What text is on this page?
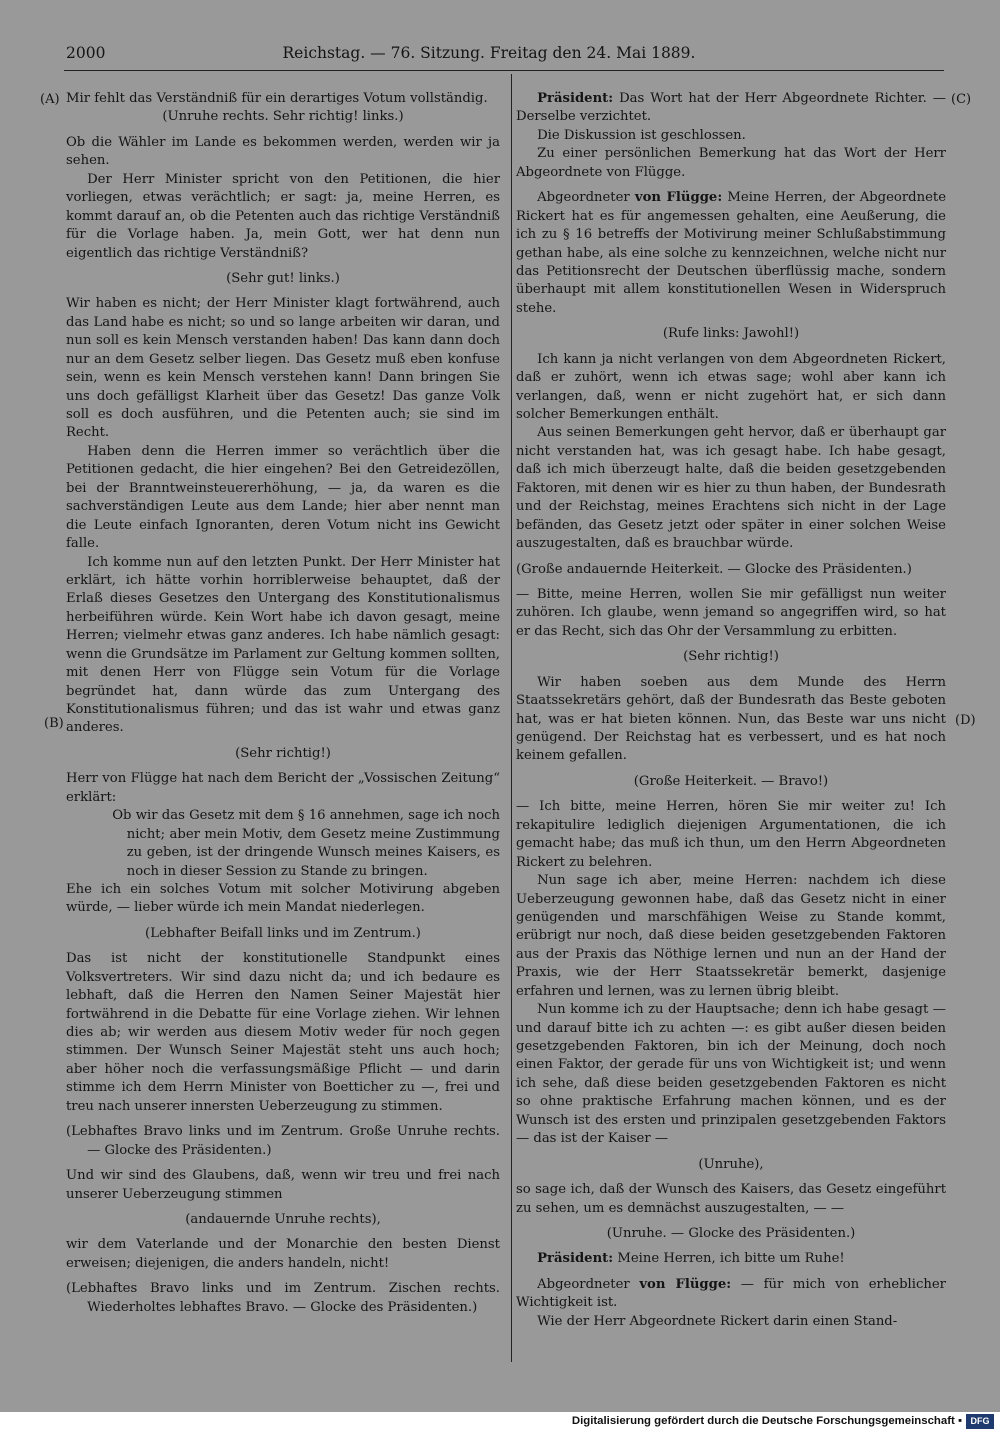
2000	Reichstag. — 76. Sitzung. Freitag den 24. Mai 1889.
(A)
(B)
(C)
(D)

Mir fehlt das Verständniß für ein derartiges Votum vollständig.

(Unruhe rechts. Sehr richtig! links.)

Ob die Wähler im Lande es bekommen werden, werden wir ja sehen.

Der Herr Minister spricht von den Petitionen, die hier vorliegen, etwas verächtlich; er sagt: ja, meine Herren, es kommt darauf an, ob die Petenten auch das richtige Verständniß für die Vorlage haben. Ja, mein Gott, wer hat denn nun eigentlich das richtige Verständniß?

(Sehr gut! links.)

Wir haben es nicht; der Herr Minister klagt fortwährend, auch das Land habe es nicht; so und so lange arbeiten wir daran, und nun soll es kein Mensch verstanden haben! Das kann dann doch nur an dem Gesetz selber liegen. Das Gesetz muß eben konfuse sein, wenn es kein Mensch verstehen kann! Dann bringen Sie uns doch gefälligst Klarheit über das Gesetz! Das ganze Volk soll es doch ausführen, und die Petenten auch; sie sind im Recht.

Haben denn die Herren immer so verächtlich über die Petitionen gedacht, die hier eingehen? Bei den Getreidezöllen, bei der Branntweinsteuererhöhung, — ja, da waren es die sachverständigen Leute aus dem Lande; hier aber nennt man die Leute einfach Ignoranten, deren Votum nicht ins Gewicht falle.

Ich komme nun auf den letzten Punkt. Der Herr Minister hat erklärt, ich hätte vorhin horriblerweise behauptet, daß der Erlaß dieses Gesetzes den Untergang des Konstitutionalismus herbeiführen würde. Kein Wort habe ich davon gesagt, meine Herren; vielmehr etwas ganz anderes. Ich habe nämlich gesagt: wenn die Grundsätze im Parlament zur Geltung kommen sollten, mit denen Herr von Flügge sein Votum für die Vorlage begründet hat, dann würde das zum Untergang des Konstitutionalismus führen; und das ist wahr und etwas ganz anderes.

(Sehr richtig!)

Herr von Flügge hat nach dem Bericht der „Vossischen Zeitung“ erklärt:

Ob wir das Gesetz mit dem § 16 annehmen, sage ich noch nicht; aber mein Motiv, dem Gesetz meine Zustimmung zu geben, ist der dringende Wunsch meines Kaisers, es noch in dieser Session zu Stande zu bringen.

Ehe ich ein solches Votum mit solcher Motivirung abgeben würde, — lieber würde ich mein Mandat niederlegen.

(Lebhafter Beifall links und im Zentrum.)

Das ist nicht der konstitutionelle Standpunkt eines Volksvertreters. Wir sind dazu nicht da; und ich bedaure es lebhaft, daß die Herren den Namen Seiner Majestät hier fortwährend in die Debatte für eine Vorlage ziehen. Wir lehnen dies ab; wir werden aus diesem Motiv weder für noch gegen stimmen. Der Wunsch Seiner Majestät steht uns auch hoch; aber höher noch die verfassungsmäßige Pflicht — und darin stimme ich dem Herrn Minister von Boetticher zu —, frei und treu nach unserer innersten Ueberzeugung zu stimmen.

(Lebhaftes Bravo links und im Zentrum. Große Unruhe rechts. — Glocke des Präsidenten.)

Und wir sind des Glaubens, daß, wenn wir treu und frei nach unserer Ueberzeugung stimmen

(andauernde Unruhe rechts),

wir dem Vaterlande und der Monarchie den besten Dienst erweisen; diejenigen, die anders handeln, nicht!

(Lebhaftes Bravo links und im Zentrum. Zischen rechts. Wiederholtes lebhaftes Bravo. — Glocke des Präsidenten.)

Präsident: Das Wort hat der Herr Abgeordnete Richter. — Derselbe verzichtet.

Die Diskussion ist geschlossen.

Zu einer persönlichen Bemerkung hat das Wort der Herr Abgeordnete von Flügge.

Abgeordneter von Flügge: Meine Herren, der Abgeordnete Rickert hat es für angemessen gehalten, eine Aeußerung, die ich zu § 16 betreffs der Motivirung meiner Schlußabstimmung gethan habe, als eine solche zu kennzeichnen, welche nicht nur das Petitionsrecht der Deutschen überflüssig mache, sondern überhaupt mit allem konstitutionellen Wesen in Widerspruch stehe.

(Rufe links: Jawohl!)

Ich kann ja nicht verlangen von dem Abgeordneten Rickert, daß er zuhört, wenn ich etwas sage; wohl aber kann ich verlangen, daß, wenn er nicht zugehört hat, er sich dann solcher Bemerkungen enthält.

Aus seinen Bemerkungen geht hervor, daß er überhaupt gar nicht verstanden hat, was ich gesagt habe. Ich habe gesagt, daß ich mich überzeugt halte, daß die beiden gesetzgebenden Faktoren, mit denen wir es hier zu thun haben, der Bundesrath und der Reichstag, meines Erachtens sich nicht in der Lage befänden, das Gesetz jetzt oder später in einer solchen Weise auszugestalten, daß es brauchbar würde.

(Große andauernde Heiterkeit. — Glocke des Präsidenten.)

— Bitte, meine Herren, wollen Sie mir gefälligst nun weiter zuhören. Ich glaube, wenn jemand so angegriffen wird, so hat er das Recht, sich das Ohr der Versammlung zu erbitten.

(Sehr richtig!)

Wir haben soeben aus dem Munde des Herrn Staatssekretärs gehört, daß der Bundesrath das Beste geboten hat, was er hat bieten können. Nun, das Beste war uns nicht genügend. Der Reichstag hat es verbessert, und es hat noch keinem gefallen.

(Große Heiterkeit. — Bravo!)

— Ich bitte, meine Herren, hören Sie mir weiter zu! Ich rekapitulire lediglich diejenigen Argumentationen, die ich gemacht habe; das muß ich thun, um den Herrn Abgeordneten Rickert zu belehren.

Nun sage ich aber, meine Herren: nachdem ich diese Ueberzeugung gewonnen habe, daß das Gesetz nicht in einer genügenden und marschfähigen Weise zu Stande kommt, erübrigt nur noch, daß diese beiden gesetzgebenden Faktoren aus der Praxis das Nöthige lernen und nun an der Hand der Praxis, wie der Herr Staatssekretär bemerkt, dasjenige erfahren und lernen, was zu lernen übrig bleibt.

Nun komme ich zu der Hauptsache; denn ich habe gesagt — und darauf bitte ich zu achten —: es gibt außer diesen beiden gesetzgebenden Faktoren, bin ich der Meinung, doch noch einen Faktor, der gerade für uns von Wichtigkeit ist; und wenn ich sehe, daß diese beiden gesetzgebenden Faktoren es nicht so ohne praktische Erfahrung machen können, und es der Wunsch ist des ersten und prinzipalen gesetzgebenden Faktors — das ist der Kaiser —

(Unruhe),

so sage ich, daß der Wunsch des Kaisers, das Gesetz eingeführt zu sehen, um es demnächst auszugestalten, — —

(Unruhe. — Glocke des Präsidenten.)

Präsident: Meine Herren, ich bitte um Ruhe!

Abgeordneter von Flügge: — für mich von erheblicher Wichtigkeit ist.

Wie der Herr Abgeordnete Rickert darin einen Stand-

Digitalisierung gefördert durch die Deutsche Forschungsgemeinschaft ▪ DFG
